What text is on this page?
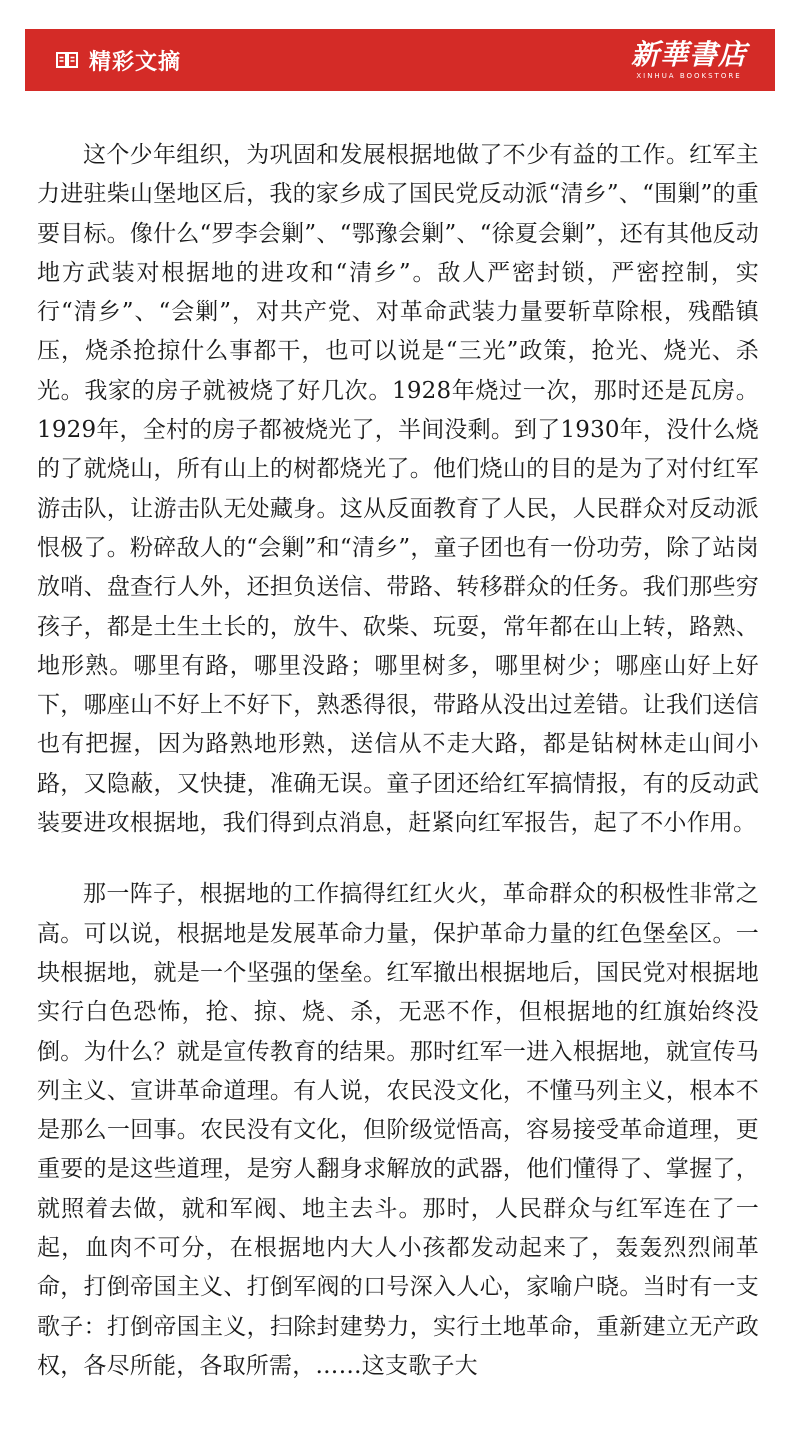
精彩文摘	新華書店
XINHUA BOOKSTORE

这个少年组织，为巩固和发展根据地做了不少有益的工作。红军主力进驻柴山堡地区后，我的家乡成了国民党反动派“清乡”、“围剿”的重要目标。像什么“罗李会剿”、“鄂豫会剿”、“徐夏会剿”，还有其他反动地方武装对根据地的进攻和“清乡”。敌人严密封锁，严密控制，实行“清乡”、“会剿”，对共产党、对革命武装力量要斩草除根，残酷镇压，烧杀抢掠什么事都干，也可以说是“三光”政策，抢光、烧光、杀光。我家的房子就被烧了好几次。1928年烧过一次，那时还是瓦房。1929年，全村的房子都被烧光了，半间没剩。到了1930年，没什么烧的了就烧山，所有山上的树都烧光了。他们烧山的目的是为了对付红军游击队，让游击队无处藏身。这从反面教育了人民，人民群众对反动派恨极了。粉碎敌人的“会剿”和“清乡”，童子团也有一份功劳，除了站岗放哨、盘查行人外，还担负送信、带路、转移群众的任务。我们那些穷孩子，都是土生土长的，放牛、砍柴、玩耍，常年都在山上转，路熟、地形熟。哪里有路，哪里没路；哪里树多，哪里树少；哪座山好上好下，哪座山不好上不好下，熟悉得很，带路从没出过差错。让我们送信也有把握，因为路熟地形熟，送信从不走大路，都是钻树林走山间小路，又隐蔽，又快捷，准确无误。童子团还给红军搞情报，有的反动武装要进攻根据地，我们得到点消息，赶紧向红军报告，起了不小作用。

那一阵子，根据地的工作搞得红红火火，革命群众的积极性非常之高。可以说，根据地是发展革命力量，保护革命力量的红色堡垒区。一块根据地，就是一个坚强的堡垒。红军撤出根据地后，国民党对根据地实行白色恐怖，抢、掠、烧、杀，无恶不作，但根据地的红旗始终没倒。为什么？就是宣传教育的结果。那时红军一进入根据地，就宣传马列主义、宣讲革命道理。有人说，农民没文化，不懂马列主义，根本不是那么一回事。农民没有文化，但阶级觉悟高，容易接受革命道理，更重要的是这些道理，是穷人翻身求解放的武器，他们懂得了、掌握了，就照着去做，就和军阀、地主去斗。那时，人民群众与红军连在了一起，血肉不可分，在根据地内大人小孩都发动起来了，轰轰烈烈闹革命，打倒帝国主义、打倒军阀的口号深入人心，家喻户晓。当时有一支歌子：打倒帝国主义，扫除封建势力，实行土地革命，重新建立无产政权，各尽所能，各取所需，……这支歌子大
